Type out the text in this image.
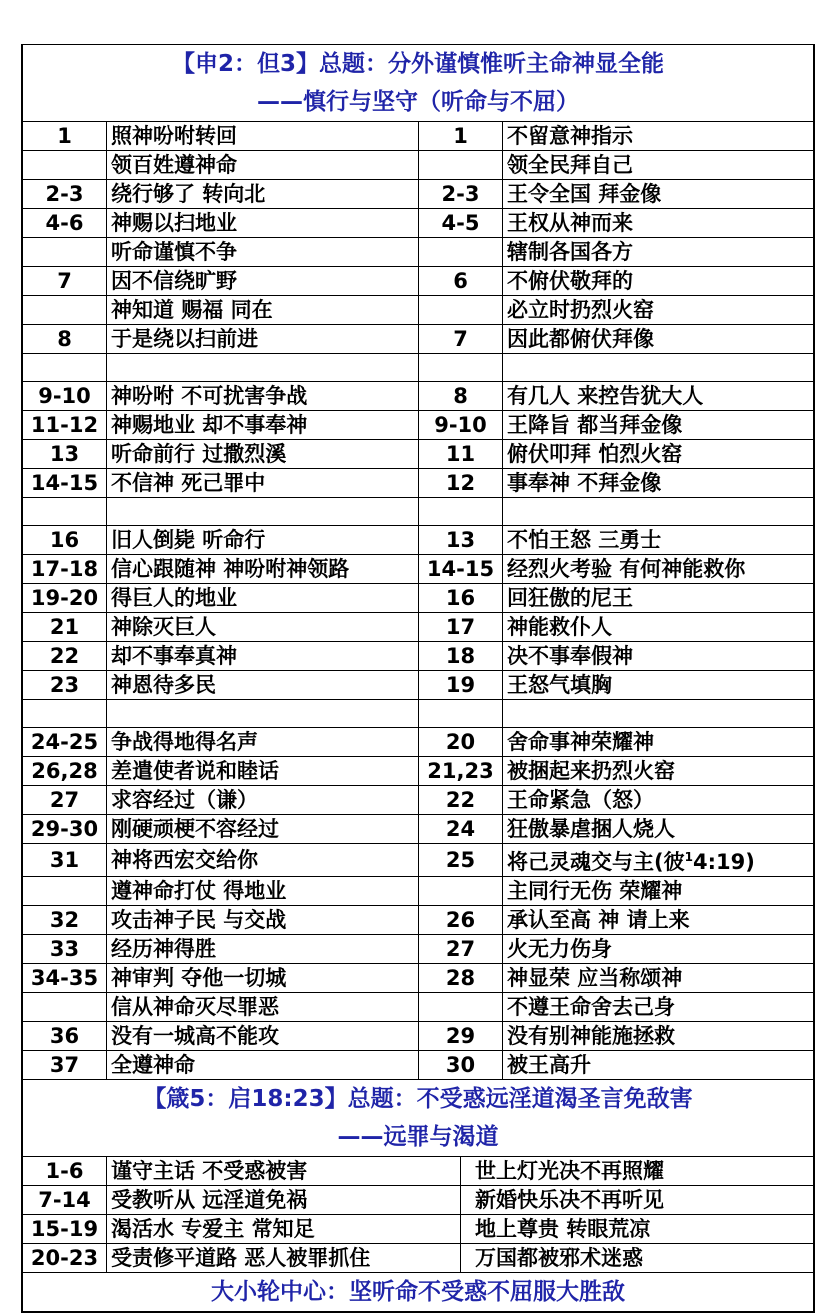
【申2：但3】总题：分外谨慎惟听主命神显全能			
——慎行与坚守（听命与不屈）			
1	照神吩咐转回	1	不留意神指示
	领百姓遵神命		领全民拜自己
2-3	绕行够了 转向北	2-3	王令全国 拜金像
4-6	神赐以扫地业	4-5	王权从神而来
	听命谨慎不争		辖制各国各方
7	因不信绕旷野	6	不俯伏敬拜的
	神知道 赐福 同在		必立时扔烈火窑
8	于是绕以扫前进	7	因此都俯伏拜像

9-10	神吩咐 不可扰害争战	8	有几人 来控告犹大人
11-12	神赐地业 却不事奉神	9-10	王降旨 都当拜金像
13	听命前行 过撒烈溪	11	俯伏叩拜 怕烈火窑
14-15	不信神 死己罪中	12	事奉神 不拜金像

16	旧人倒毙 听命行	13	不怕王怒 三勇士
17-18	信心跟随神 神吩咐神领路	14-15	经烈火考验 有何神能救你
19-20	得巨人的地业	16	回狂傲的尼王
21	神除灭巨人	17	神能救仆人
22	却不事奉真神	18	决不事奉假神
23	神恩待多民	19	王怒气填胸

24-25	争战得地得名声	20	舍命事神荣耀神
26,28	差遣使者说和睦话	21,23	被捆起来扔烈火窑
27	求容经过（谦）	22	王命紧急（怒）
29-30	刚硬顽梗不容经过	24	狂傲暴虐捆人烧人
31	神将西宏交给你	25	将己灵魂交与主(彼$^1$4:19)
	遵神命打仗 得地业		主同行无伤 荣耀神
32	攻击神子民 与交战	26	承认至高 神 请上来
33	经历神得胜	27	火无力伤身
34-35	神审判 夺他一切城	28	神显荣 应当称颂神
	信从神命灭尽罪恶		不遵王命舍去己身
36	没有一城高不能攻	29	没有别神能施拯救
37	全遵神命	30	被王高升
【箴5：启18:23】总题：不受惑远淫道渴圣言免敌害		
——远罪与渴道		
1-6	谨守主话 不受惑被害	世上灯光决不再照耀
7-14	受教听从 远淫道免祸	新婚快乐决不再听见
15-19	渴活水 专爱主 常知足	地上尊贵 转眼荒凉
20-23	受责修平道路 恶人被罪抓住	万国都被邪术迷惑
大小轮中心：坚听命不受惑不屈服大胜敌		
